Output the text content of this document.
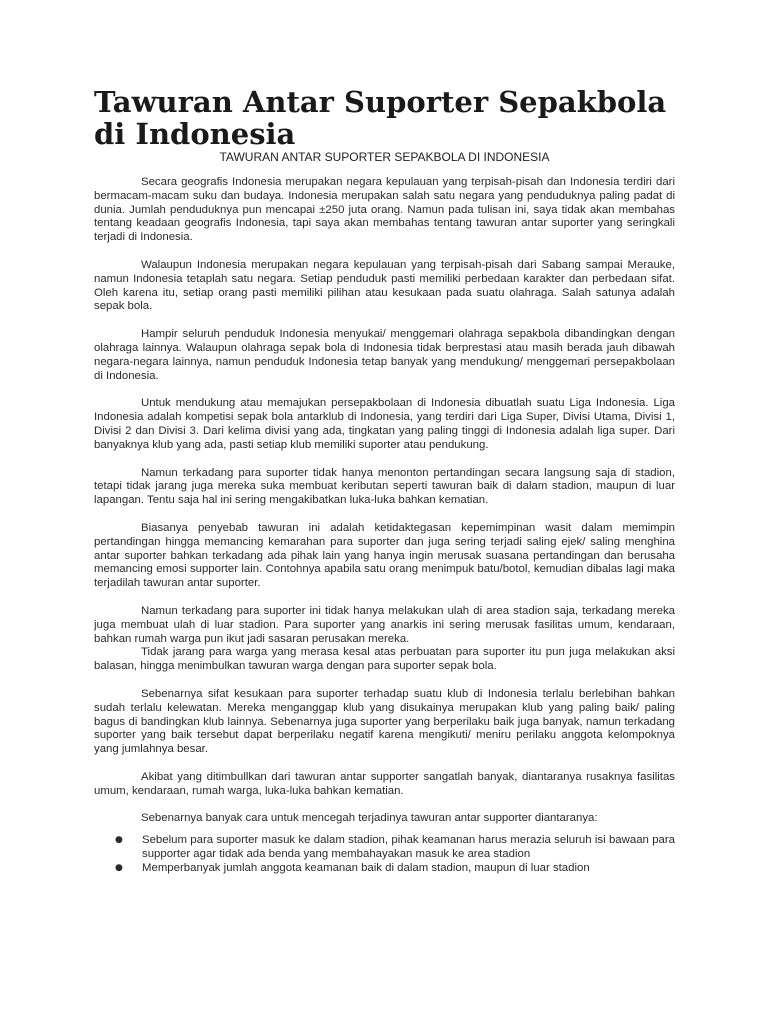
Tawuran Antar Suporter Sepakbola di Indonesia

TAWURAN ANTAR SUPORTER SEPAKBOLA DI INDONESIA

Secara geografis Indonesia merupakan negara kepulauan yang terpisah-pisah dan Indonesia terdiri dari bermacam-macam suku dan budaya. Indonesia merupakan salah satu negara yang penduduknya paling padat di dunia. Jumlah penduduknya pun mencapai ±250 juta orang. Namun pada tulisan ini, saya tidak akan membahas tentang keadaan geografis Indonesia, tapi saya akan membahas tentang tawuran antar suporter yang seringkali terjadi di Indonesia.

Walaupun Indonesia merupakan negara kepulauan yang terpisah-pisah dari Sabang sampai Merauke, namun Indonesia tetaplah satu negara. Setiap penduduk pasti memiliki perbedaan karakter dan perbedaan sifat. Oleh karena itu, setiap orang pasti memiliki pilihan atau kesukaan pada suatu olahraga. Salah satunya adalah sepak bola.

Hampir seluruh penduduk Indonesia menyukai/ menggemari olahraga sepakbola dibandingkan dengan olahraga lainnya. Walaupun olahraga sepak bola di Indonesia tidak berprestasi atau masih berada jauh dibawah negara-negara lainnya, namun penduduk Indonesia tetap banyak yang mendukung/ menggemari persepakbolaan di Indonesia.

Untuk mendukung atau memajukan persepakbolaan di Indonesia dibuatlah suatu Liga Indonesia. Liga Indonesia adalah kompetisi sepak bola antarklub di Indonesia, yang terdiri dari Liga Super, Divisi Utama, Divisi 1, Divisi 2 dan Divisi 3. Dari kelima divisi yang ada, tingkatan yang paling tinggi di Indonesia adalah liga super. Dari banyaknya klub yang ada, pasti setiap klub memiliki suporter atau pendukung.

Namun terkadang para suporter tidak hanya menonton pertandingan secara langsung saja di stadion, tetapi tidak jarang juga mereka suka membuat keributan seperti tawuran baik di dalam stadion, maupun di luar lapangan. Tentu saja hal ini sering mengakibatkan luka-luka bahkan kematian.

Biasanya penyebab tawuran ini adalah ketidaktegasan kepemimpinan wasit dalam memimpin pertandingan hingga memancing kemarahan para suporter dan juga sering terjadi saling ejek/ saling menghina antar suporter bahkan terkadang ada pihak lain yang hanya ingin merusak suasana pertandingan dan berusaha memancing emosi supporter lain. Contohnya apabila satu orang menimpuk batu/botol, kemudian dibalas lagi maka terjadilah tawuran antar suporter.

Namun terkadang para suporter ini tidak hanya melakukan ulah di area stadion saja, terkadang mereka juga membuat ulah di luar stadion. Para suporter yang anarkis ini sering merusak fasilitas umum, kendaraan, bahkan rumah warga pun ikut jadi sasaran perusakan mereka.

Tidak jarang para warga yang merasa kesal atas perbuatan para suporter itu pun juga melakukan aksi balasan, hingga menimbulkan tawuran warga dengan para suporter sepak bola.

Sebenarnya sifat kesukaan para suporter terhadap suatu klub di Indonesia terlalu berlebihan bahkan sudah terlalu kelewatan. Mereka menganggap klub yang disukainya merupakan klub yang paling baik/ paling bagus di bandingkan klub lainnya. Sebenarnya juga suporter yang berperilaku baik juga banyak, namun terkadang suporter yang baik tersebut dapat berperilaku negatif karena mengikuti/ meniru perilaku anggota kelompoknya yang jumlahnya besar.

Akibat yang ditimbullkan dari tawuran antar supporter sangatlah banyak, diantaranya rusaknya fasilitas umum, kendaraan, rumah warga, luka-luka bahkan kematian.

Sebenarnya banyak cara untuk mencegah terjadinya tawuran antar supporter diantaranya:

●	Sebelum para suporter masuk ke dalam stadion, pihak keamanan harus merazia seluruh isi bawaan para supporter agar tidak ada benda yang membahayakan masuk ke area stadion
●	Memperbanyak jumlah anggota keamanan baik di dalam stadion, maupun di luar stadion
